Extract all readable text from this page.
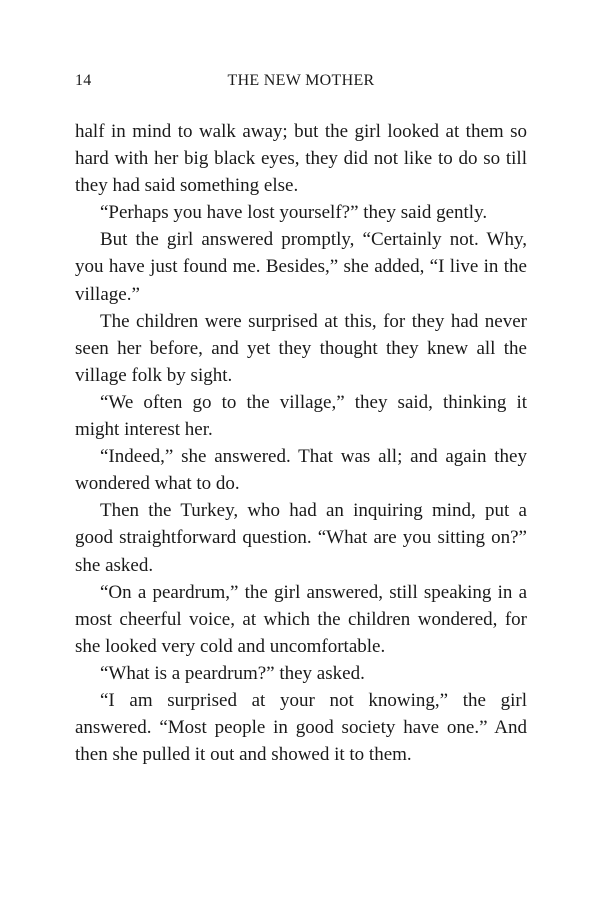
14	THE NEW MOTHER

half in mind to walk away; but the girl looked at them so hard with her big black eyes, they did not like to do so till they had said something else.

“Perhaps you have lost yourself?” they said gently.

But the girl answered promptly, “Certainly not. Why, you have just found me. Besides,” she added, “I live in the village.”

The children were surprised at this, for they had never seen her before, and yet they thought they knew all the village folk by sight.

“We often go to the village,” they said, thinking it might interest her.

“Indeed,” she answered. That was all; and again they wondered what to do.

Then the Turkey, who had an inquiring mind, put a good straightforward question. “What are you sitting on?” she asked.

“On a peardrum,” the girl answered, still speaking in a most cheerful voice, at which the children wondered, for she looked very cold and uncomfortable.

“What is a peardrum?” they asked.

“I am surprised at your not knowing,” the girl answered. “Most people in good society have one.” And then she pulled it out and showed it to them.
